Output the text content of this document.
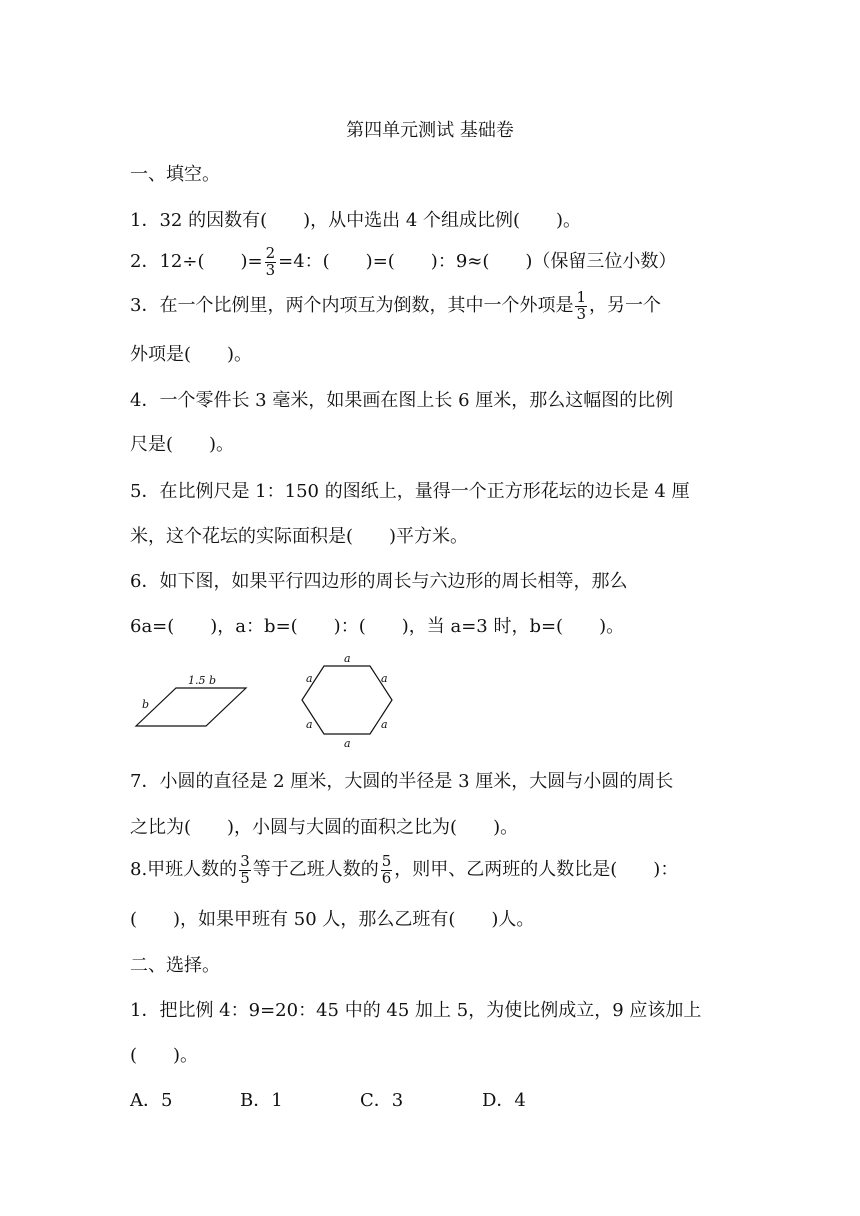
第四单元测试 基础卷
一、填空。
1．32 的因数有(　　)，从中选出 4 个组成比例(　　)。
2．12÷(　　)= $\frac{2}{3} =4$：(　　)=(　　)：9≈(　　)（保留三位小数）
3．在一个比例里，两个内项互为倒数，其中一个外项是 $\frac{1}{3}$ ，另一个
外项是(　　)。
4．一个零件长 3 毫米，如果画在图上长 6 厘米，那么这幅图的比例
尺是(　　)。
5．在比例尺是 1：150 的图纸上，量得一个正方形花坛的边长是 4 厘
米，这个花坛的实际面积是(　　)平方米。
6．如下图，如果平行四边形的周长与六边形的周长相等，那么
6a=(　　)，a：b=(　　)：(　　)，当 a=3 时，b=(　　)。
1.5 b
b
a
a	a
a	a
a
7．小圆的直径是 2 厘米，大圆的半径是 3 厘米，大圆与小圆的周长
之比为(　　)，小圆与大圆的面积之比为(　　)。
8.甲班人数的 $\frac{3}{5}$ 等于乙班人数的 $\frac{5}{6}$ ，则甲、乙两班的人数比是(　　)：
(　　)，如果甲班有 50 人，那么乙班有(　　)人。
二、选择。
1．把比例 4：9=20：45 中的 45 加上 5，为使比例成立，9 应该加上
(　　)。
A．5	B．1	C．3	D．4
